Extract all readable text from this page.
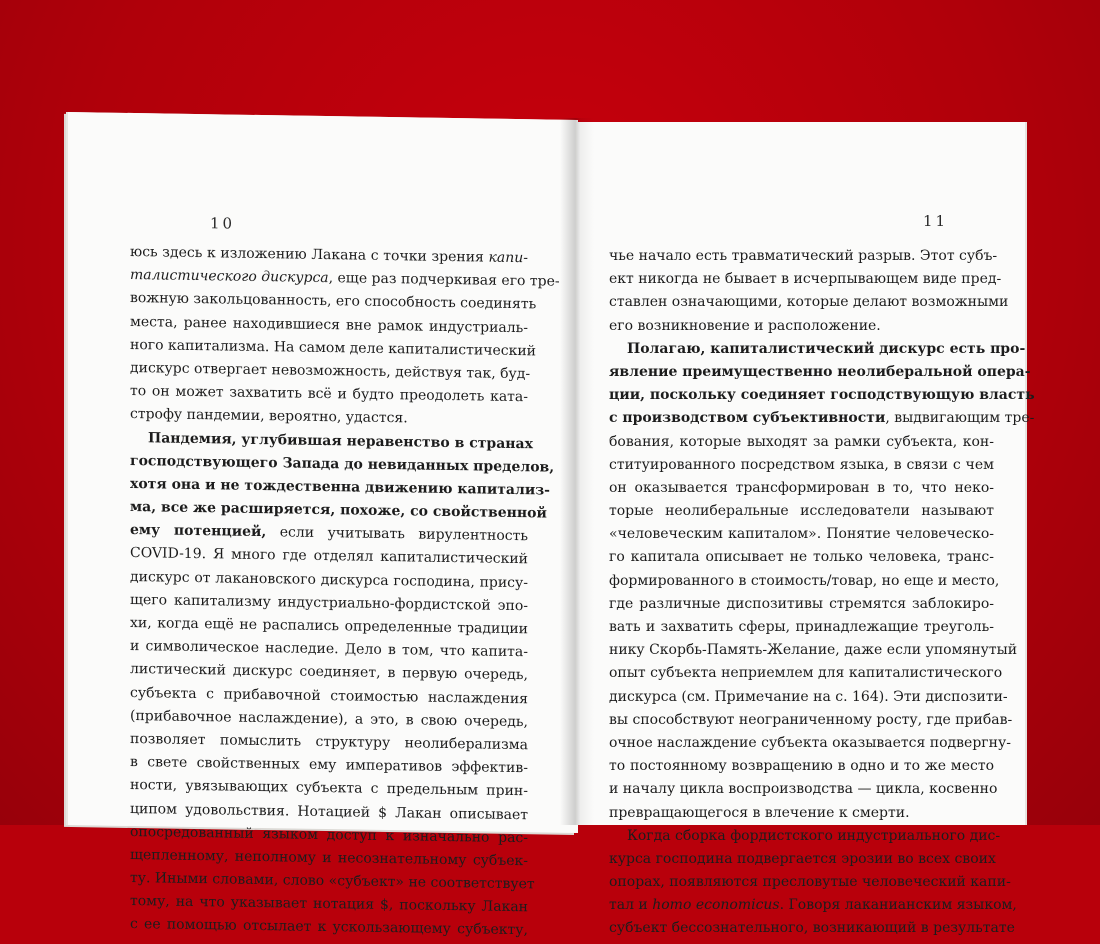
10
юсь здесь к изложению Лакана с точки зрения капи-
талистического дискурса, еще раз подчеркивая его тре-
вожную закольцованность, его способность соединять
места, ранее находившиеся вне рамок индустриаль-
ного капитализма. На самом деле капиталистический
дискурс отвергает невозможность, действуя так, буд-
то он может захватить всё и будто преодолеть ката-
строфу пандемии, вероятно, удастся.
Пандемия, углубившая неравенство в странах
господствующего Запада до невиданных пределов,
хотя она и не тождественна движению капитализ-
ма, все же расширяется, похоже, со свойственной
ему потенцией, если учитывать вирулентность
COVID-19. Я много где отделял капиталистический
дискурс от лакановского дискурса господина, прису-
щего капитализму индустриально-фордистской эпо-
хи, когда ещё не распались определенные традиции
и символическое наследие. Дело в том, что капита-
листический дискурс соединяет, в первую очередь,
субъекта с прибавочной стоимостью наслаждения
(прибавочное наслаждение), а это, в свою очередь,
позволяет помыслить структуру неолиберализма
в свете свойственных ему императивов эффектив-
ности, увязывающих субъекта с предельным прин-
ципом удовольствия. Нотацией $ Лакан описывает
опосредованный языком доступ к изначально рас-
щепленному, неполному и несознательному субъек-
ту. Иными словами, слово «субъект» не соответствует
тому, на что указывает нотация $, поскольку Лакан
с ее помощью отсылает к ускользающему субъекту,
11
чье начало есть травматический разрыв. Этот субъ-
ект никогда не бывает в исчерпывающем виде пред-
ставлен означающими, которые делают возможными
его возникновение и расположение.
Полагаю, капиталистический дискурс есть про-
явление преимущественно неолиберальной опера-
ции, поскольку соединяет господствующую власть
с производством субъективности, выдвигающим тре-
бования, которые выходят за рамки субъекта, кон-
ституированного посредством языка, в связи с чем
он оказывается трансформирован в то, что неко-
торые неолиберальные исследователи называют
«человеческим капиталом». Понятие человеческо-
го капитала описывает не только человека, транс-
формированного в стоимость/товар, но еще и место,
где различные диспозитивы стремятся заблокиро-
вать и захватить сферы, принадлежащие треуголь-
нику Скорбь-Память-Желание, даже если упомянутый
опыт субъекта неприемлем для капиталистического
дискурса (см. Примечание на с. 164). Эти диспозити-
вы способствуют неограниченному росту, где прибав-
очное наслаждение субъекта оказывается подвергну-
то постоянному возвращению в одно и то же место
и началу цикла воспроизводства — цикла, косвенно
превращающегося в влечение к смерти.
Когда сборка фордистского индустриального дис-
курса господина подвергается эрозии во всех своих
опорах, появляются пресловутые человеческий капи-
тал и homo economicus. Говоря лаканианским языком,
субъект бессознательного, возникающий в результате
